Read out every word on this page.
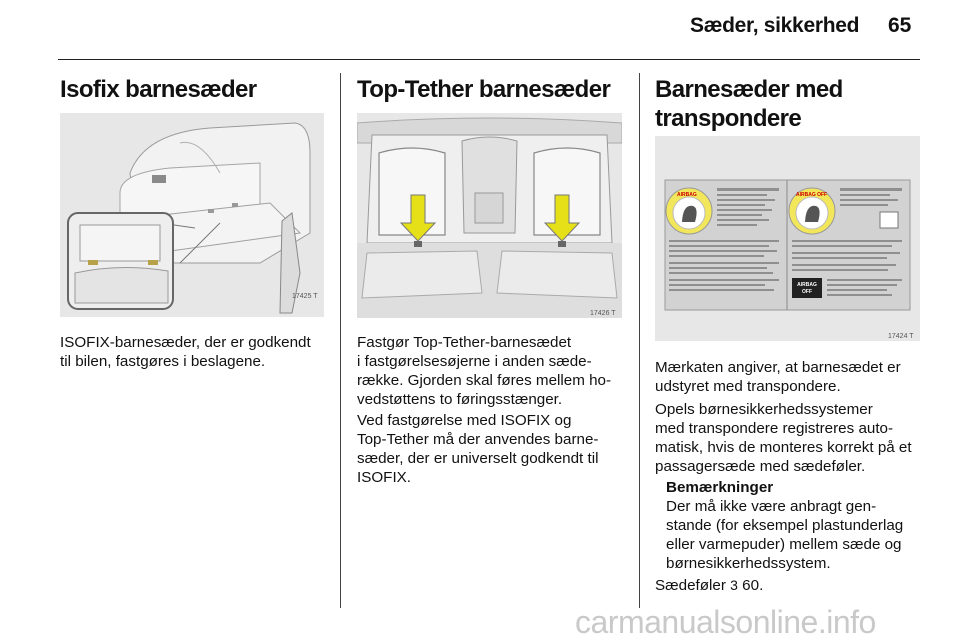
Sæder, sikkerhed 65
Isofix barnesæder
17425 T

ISOFIX-barnesæder, der er godkendt
til bilen, fastgøres i beslagene.

Top-Tether barnesæder
17426 T

Fastgør Top-Tether-barnesædet
i fastgørelsesøjerne i anden sæde-
række. Gjorden skal føres mellem ho-
vedstøttens to føringsstænger.

Ved fastgørelse med ISOFIX og
Top-Tether må der anvendes barne-
sæder, der er universelt godkendt til
ISOFIX.

Barnesæder med
transpondere
AIRBAG	AIRBAG OFF
AIRBAG
OFF
17424 T

Mærkaten angiver, at barnesædet er
udstyret med transpondere.

Opels børnesikkerhedssystemer
med transpondere registreres auto-
matisk, hvis de monteres korrekt på et
passagersæde med sædeføler.

Bemærkninger
Der må ikke være anbragt gen-
stande (for eksempel plastunderlag
eller varmepuder) mellem sæde og
børnesikkerhedssystem.

Sædeføler 3 60.

carmanualsonline.info
